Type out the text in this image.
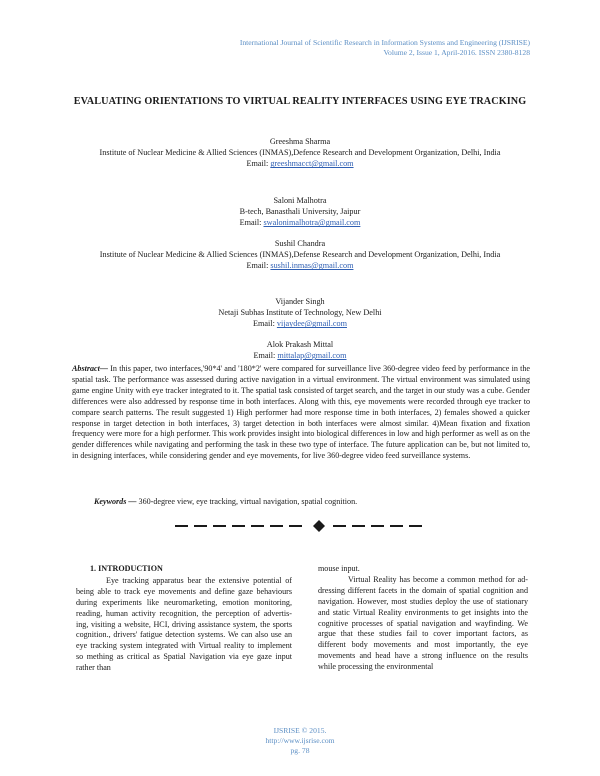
International Journal of Scientific Research in Information Systems and Engineering (IJSRISE)
Volume 2, Issue 1, April-2016. ISSN 2380-8128
EVALUATING ORIENTATIONS TO VIRTUAL REALITY INTERFACES USING EYE TRACKING
Greeshma Sharma
Institute of Nuclear Medicine & Allied Sciences (INMAS),Defence Research and Development Organization, Delhi, India
Email: greeshmacct@gmail.com
Saloni Malhotra
B-tech, Banasthali University, Jaipur
Email: swalonimalhotra@gmail.com
Sushil Chandra
Institute of Nuclear Medicine & Allied Sciences (INMAS),Defense Research and Development Organization, Delhi, India
Email: sushil.inmas@gmail.com
Vijander Singh
Netaji Subhas Institute of Technology, New Delhi
Email: vijaydee@gmail.com
Alok Prakash Mittal
Email: mittalap@gmail.com
Abstract— In this paper, two interfaces,'90*4' and '180*2' were compared for surveillance live 360-degree video feed by performance in the spatial task. The performance was assessed during active navigation in a virtual environment. The virtual environment was simulated using game engine Unity with eye tracker integrated to it. The spatial task consisted of target search, and the target in our study was a cube. Gender differences were also addressed by response time in both interfaces. Along with this, eye movements were recorded through eye tracker to compare search patterns. The result suggested 1) High performer had more response time in both interfaces, 2) females showed a quicker response in target detection in both interfaces, 3) target detection in both interfaces were almost similar. 4)Mean fixation and fixation frequency were more for a high performer. This work provides insight into biological differences in low and high performer as well as on the gender differences while navigating and performing the task in these two type of interface. The future application can be, but not limited to, in designing interfaces, while considering gender and eye movements, for live 360-degree video feed surveillance systems.
Keywords — 360-degree view, eye tracking, virtual navigation, spatial cognition.
1. INTRODUCTION
Eye tracking apparatus bear the extensive potential of being able to track eye movements and define gaze behaviours during experiments like neuromarketing, emotion monitoring, reading, human activity recognition, the perception of advertis-ing, visiting a website, HCI, driving assistance system, the sports cognition., drivers' fatigue detection systems. We can also use an eye tracking system integrated with Virtual reality to implement so mething as critical as Spatial Navigation via eye gaze input rather than
mouse input.
Virtual Reality has become a common method for ad-dressing different facets in the domain of spatial cognition and navigation. However, most studies deploy the use of stationary and static Virtual Reality environments to get insights into the cognitive processes of spatial navigation and wayfinding. We argue that these studies fail to cover important factors, as different body movements and most importantly, the eye movements and head have a strong influence on the results while processing the environmental
IJSRISE © 2015.
http://www.ijsrise.com
pg. 78
